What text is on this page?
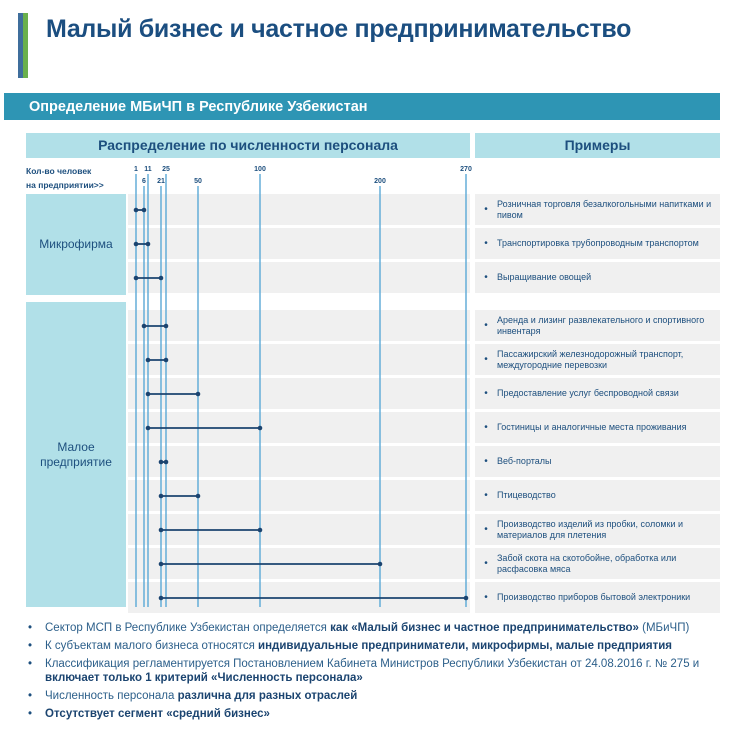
Малый бизнес и частное предпринимательство
Определение МБиЧП в Республике Узбекистан
Распределение по численности персонала	Примеры
Кол-во человек
на предприятии>>
Микрофирма
Малое предприятие
1 11 25	100	270
6 21	50	200
•
Розничная торговля безалкогольными напитками и пивом
•	Транспортировка трубопроводным транспортом
•	Выращивание овощей
•
Аренда и лизинг развлекательного и спортивного инвентаря
•
Пассажирский железнодорожный транспорт, междугородние перевозки
•	Предоставление услуг беспроводной связи
•	Гостиницы и аналогичные места проживания
•	Веб-порталы
•	Птицеводство
•
Производство изделий из пробки, соломки и материалов для плетения
•
Забой скота на скотобойне, обработка или расфасовка мяса
•	Производство приборов бытовой электроники
• Сектор МСП в Республике Узбекистан определяется как «Малый бизнес и частное предпринимательство» (МБиЧП)
• К субъектам малого бизнеса относятся индивидуальные предприниматели, микрофирмы, малые предприятия
• Классификация регламентируется Постановлением Кабинета Министров Республики Узбекистан от 24.08.2016 г. № 275 и включает только 1 критерий «Численность персонала»
• Численность персонала различна для разных отраслей
• Отсутствует сегмент «средний бизнес»
